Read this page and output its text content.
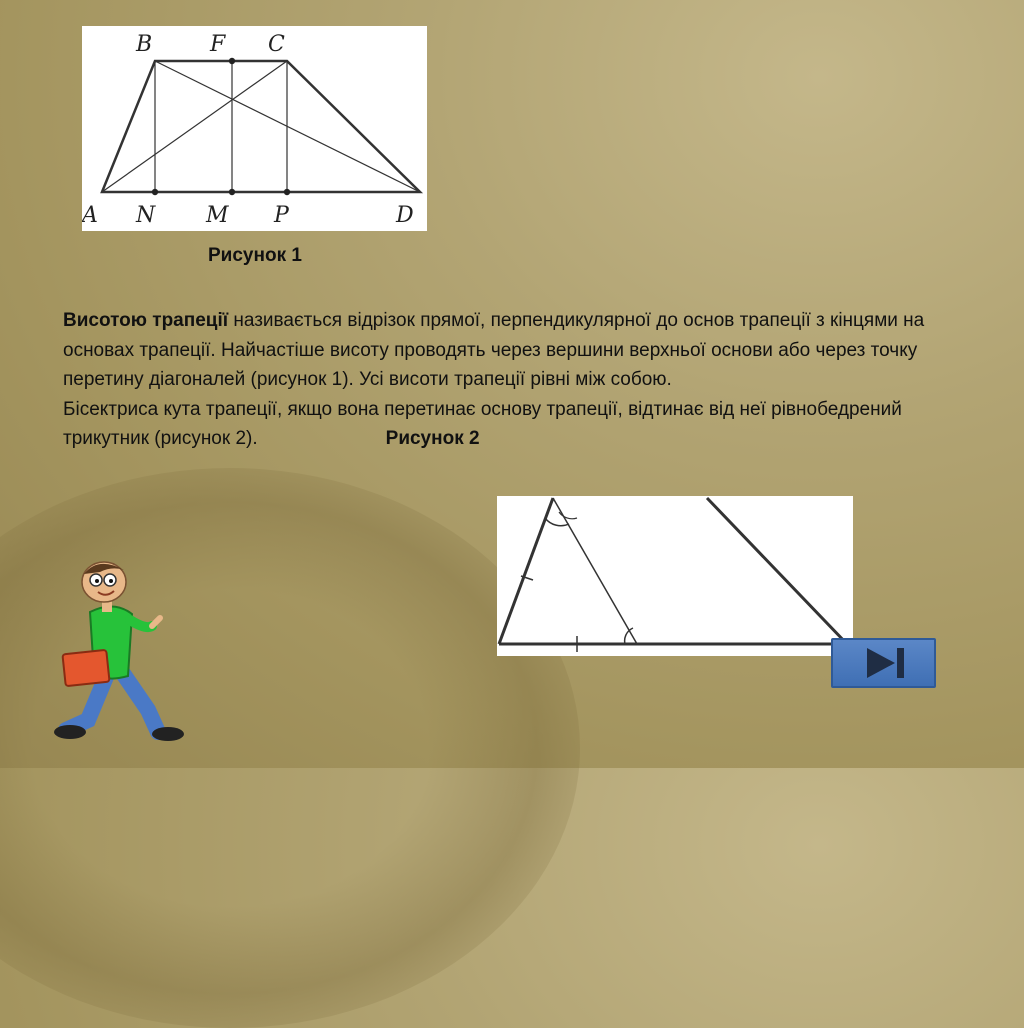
B	F C
A N M P	D
Рисунок 1
Висотою трапеції називається відрізок прямої, перпендикулярної до основ трапеції з кінцями на основах трапеції. Найчастіше висоту проводять через вершини верхньої основи або через точку перетину діагоналей (рисунок 1). Усі висоти трапеції рівні між собою.
Бісектриса кута трапеції, якщо вона перетинає основу трапеції, відтинає від неї рівнобедрений трикутник (рисунок 2).	Рисунок 2
